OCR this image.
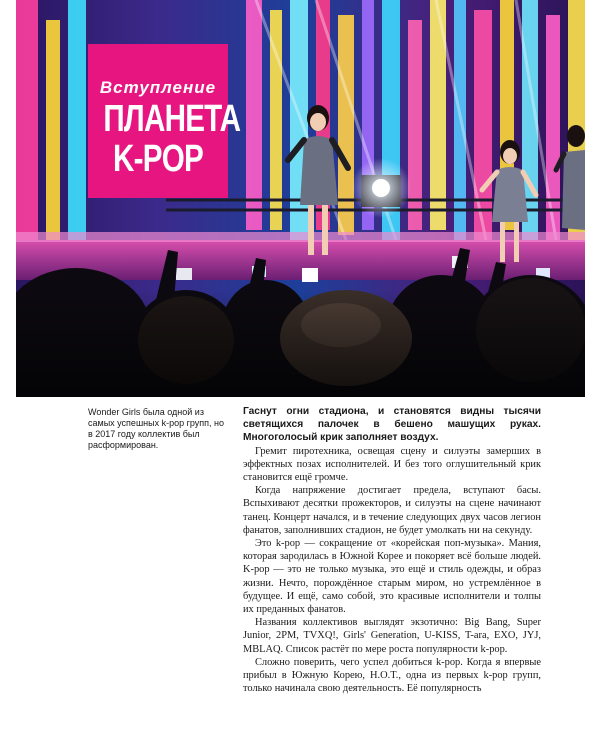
Вступление
ПЛАНЕТА
K-POP
Wonder Girls была одной из самых успешных k-pop групп, но в 2017 году коллектив был расформирован.

Гаснут огни стадиона, и становятся видны тысячи светящихся палочек в бешено машущих руках. Многоголосый крик заполняет воздух.

Гремит пиротехника, освещая сцену и силуэты замерших в эффектных позах исполнителей. И без того оглушительный крик становится ещё громче.

Когда напряжение достигает предела, вступают басы. Вспыхивают десятки прожекторов, и силуэты на сцене начинают танец. Концерт начался, и в течение следующих двух часов легион фанатов, заполнивших стадион, не будет умолкать ни на секунду.

Это k-pop — сокращение от «корейская поп-музыка». Мания, которая зародилась в Южной Корее и покоряет всё больше людей. K-pop — это не только музыка, это ещё и стиль одежды, и образ жизни. Нечто, порождённое старым миром, но устремлённое в будущее. И ещё, само собой, это красивые исполнители и толпы их преданных фанатов.

Названия коллективов выглядят экзотично: Big Bang, Super Junior, 2PM, TVXQ!, Girls' Generation, U-KISS, T-ara, EXO, JYJ, MBLAQ. Список растёт по мере роста популярности k-pop.

Сложно поверить, чего успел добиться k-pop. Когда я впервые прибыл в Южную Корею, H.O.T., одна из первых k-pop групп, только начинала свою деятельность. Её популярность
